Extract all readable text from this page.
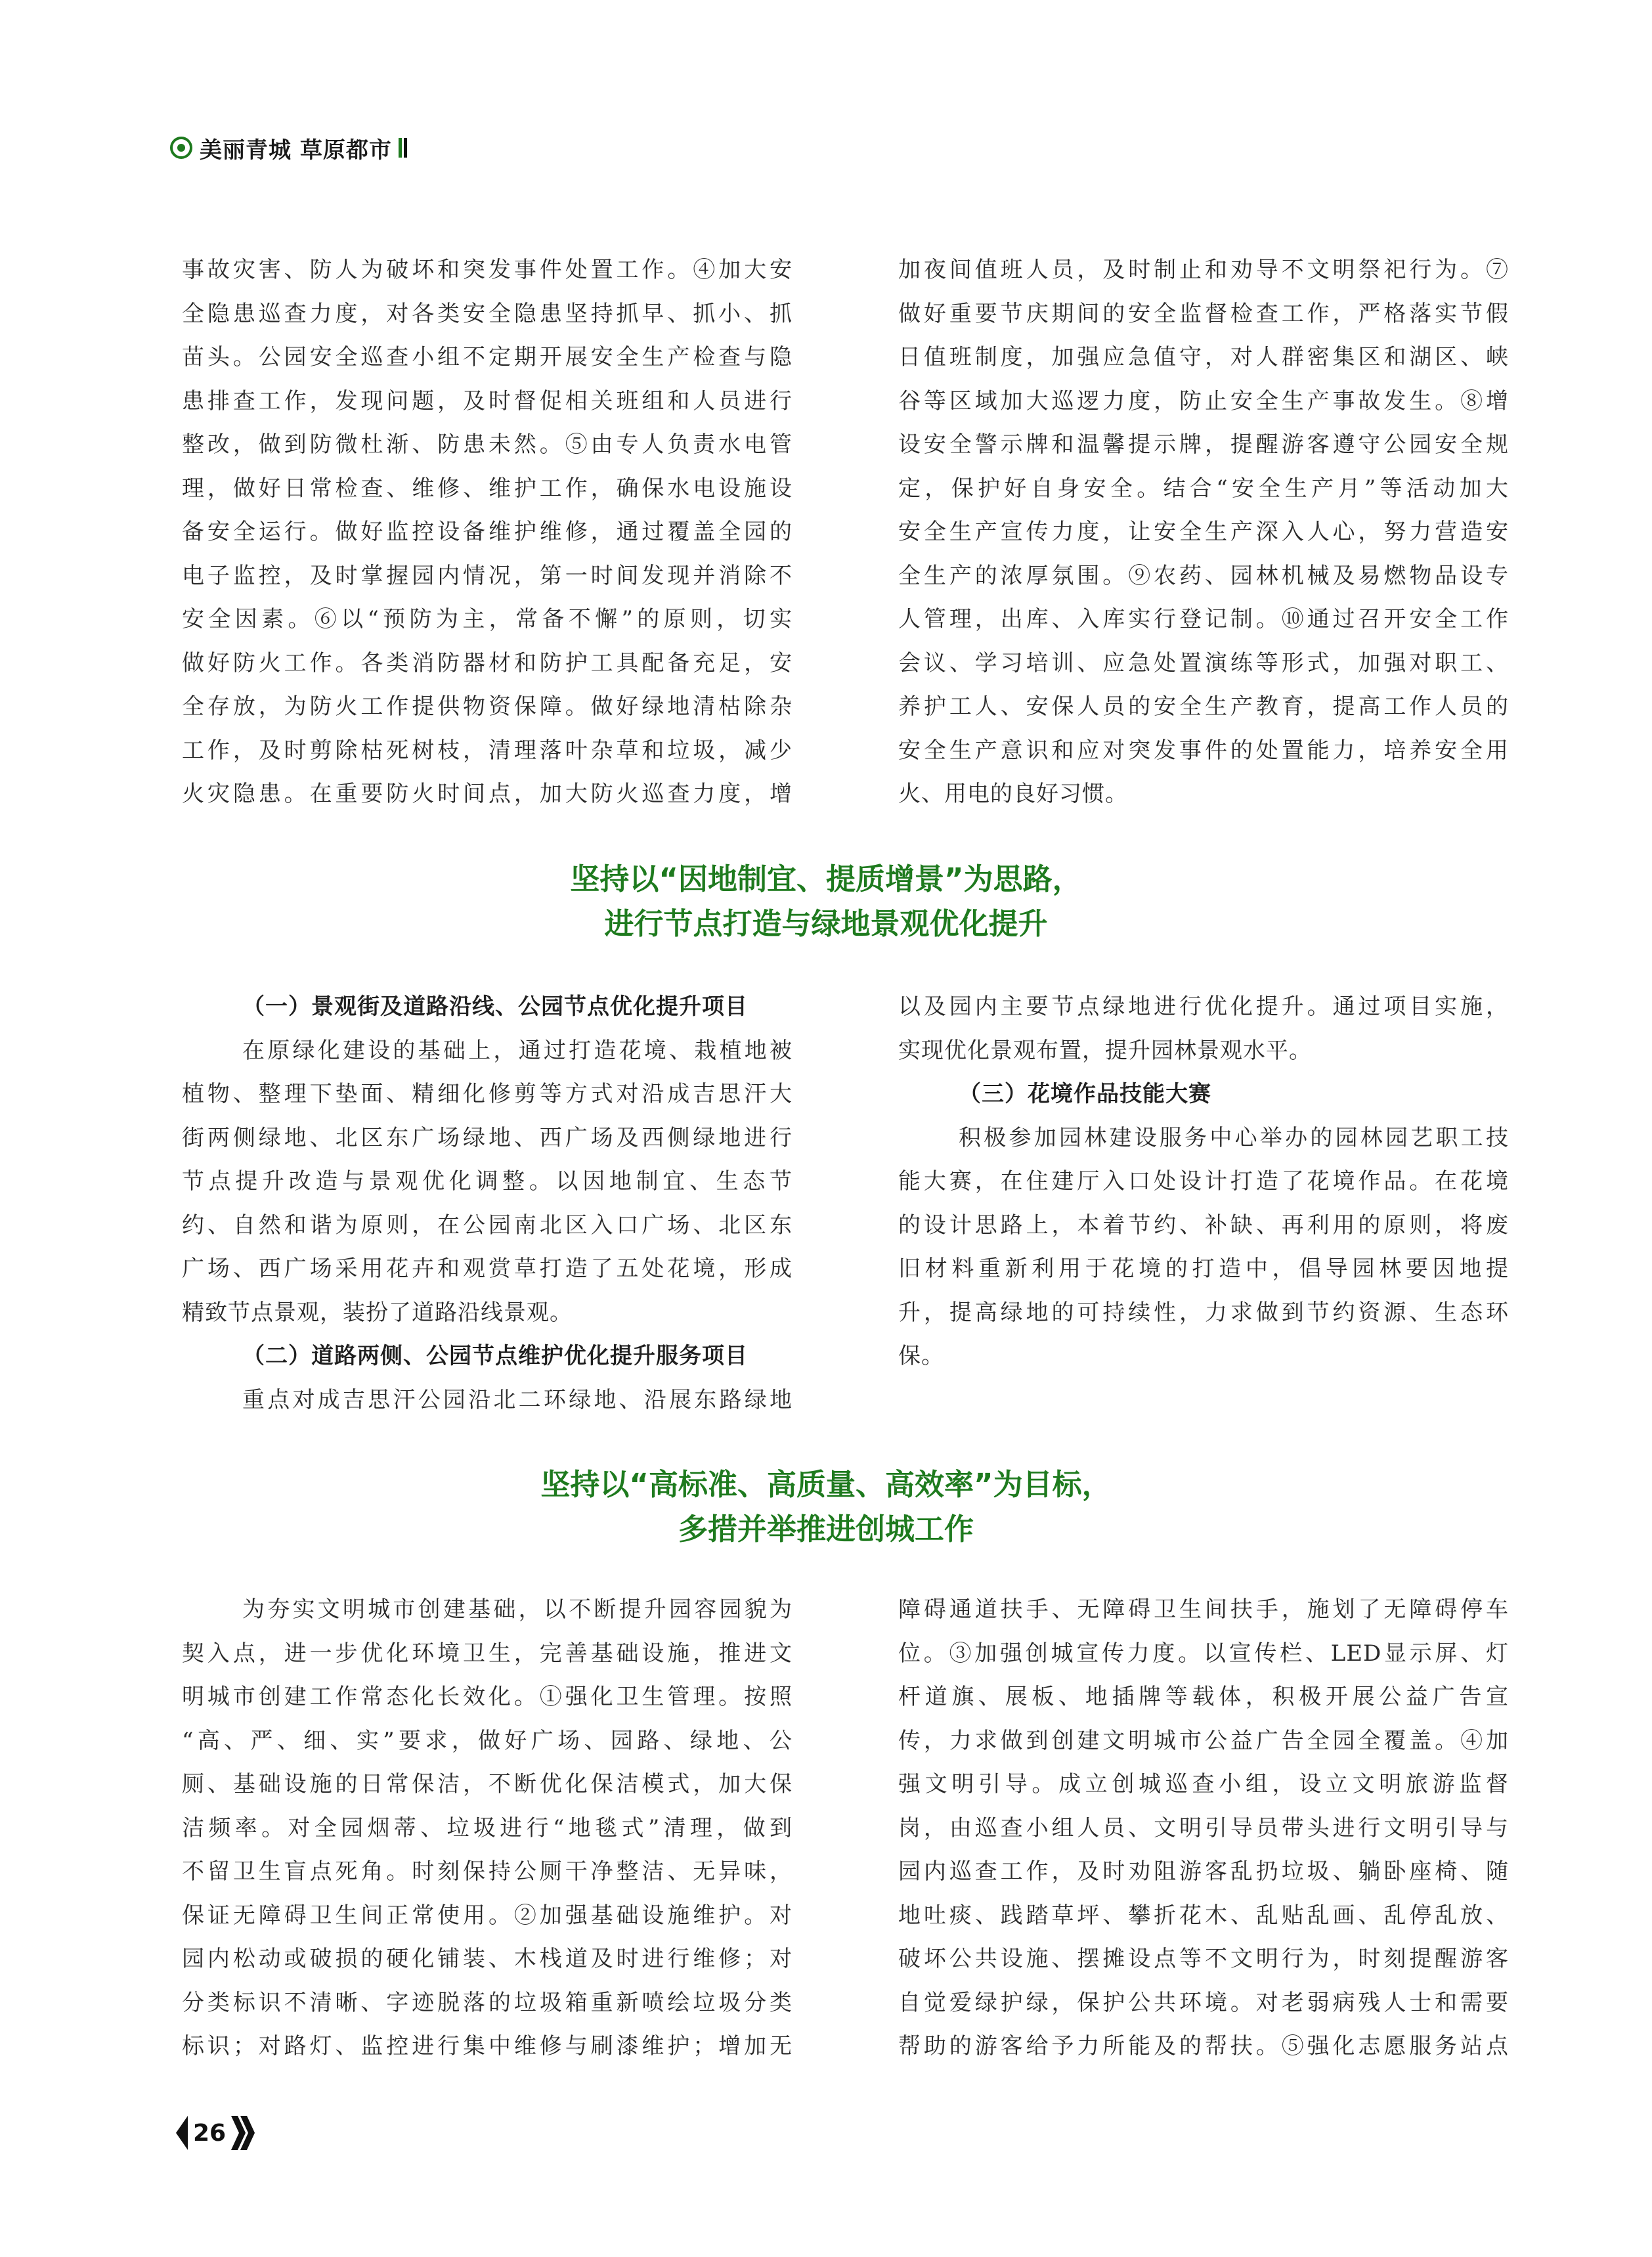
美丽青城 草原都市

事故灾害、防人为破坏和突发事件处置工作。④加大安

全隐患巡查力度，对各类安全隐患坚持抓早、抓小、抓

苗头。公园安全巡查小组不定期开展安全生产检查与隐

患排查工作，发现问题，及时督促相关班组和人员进行

整改，做到防微杜渐、防患未然。⑤由专人负责水电管

理，做好日常检查、维修、维护工作，确保水电设施设

备安全运行。做好监控设备维护维修，通过覆盖全园的

电子监控，及时掌握园内情况，第一时间发现并消除不

安全因素。⑥以“预防为主，常备不懈”的原则，切实

做好防火工作。各类消防器材和防护工具配备充足，安

全存放，为防火工作提供物资保障。做好绿地清枯除杂

工作，及时剪除枯死树枝，清理落叶杂草和垃圾，减少

火灾隐患。在重要防火时间点，加大防火巡查力度，增

加夜间值班人员，及时制止和劝导不文明祭祀行为。⑦

做好重要节庆期间的安全监督检查工作，严格落实节假

日值班制度，加强应急值守，对人群密集区和湖区、峡

谷等区域加大巡逻力度，防止安全生产事故发生。⑧增

设安全警示牌和温馨提示牌，提醒游客遵守公园安全规

定，保护好自身安全。结合“安全生产月”等活动加大

安全生产宣传力度，让安全生产深入人心，努力营造安

全生产的浓厚氛围。⑨农药、园林机械及易燃物品设专

人管理，出库、入库实行登记制。⑩通过召开安全工作

会议、学习培训、应急处置演练等形式，加强对职工、

养护工人、安保人员的安全生产教育，提高工作人员的

安全生产意识和应对突发事件的处置能力，培养安全用

火、用电的良好习惯。

坚持以“因地制宜、提质增景”为思路，
进行节点打造与绿地景观优化提升

（一）景观街及道路沿线、公园节点优化提升项目

在原绿化建设的基础上，通过打造花境、栽植地被

植物、整理下垫面、精细化修剪等方式对沿成吉思汗大

街两侧绿地、北区东广场绿地、西广场及西侧绿地进行

节点提升改造与景观优化调整。以因地制宜、生态节

约、自然和谐为原则，在公园南北区入口广场、北区东

广场、西广场采用花卉和观赏草打造了五处花境，形成

精致节点景观，装扮了道路沿线景观。

（二）道路两侧、公园节点维护优化提升服务项目

重点对成吉思汗公园沿北二环绿地、沿展东路绿地

以及园内主要节点绿地进行优化提升。通过项目实施，

实现优化景观布置，提升园林景观水平。

（三）花境作品技能大赛

积极参加园林建设服务中心举办的园林园艺职工技

能大赛，在住建厅入口处设计打造了花境作品。在花境

的设计思路上，本着节约、补缺、再利用的原则，将废

旧材料重新利用于花境的打造中，倡导园林要因地提

升，提高绿地的可持续性，力求做到节约资源、生态环

保。

坚持以“高标准、高质量、高效率”为目标，
多措并举推进创城工作

为夯实文明城市创建基础，以不断提升园容园貌为

契入点，进一步优化环境卫生，完善基础设施，推进文

明城市创建工作常态化长效化。①强化卫生管理。按照

“高、严、细、实”要求，做好广场、园路、绿地、公

厕、基础设施的日常保洁，不断优化保洁模式，加大保

洁频率。对全园烟蒂、垃圾进行“地毯式”清理，做到

不留卫生盲点死角。时刻保持公厕干净整洁、无异味，

保证无障碍卫生间正常使用。②加强基础设施维护。对

园内松动或破损的硬化铺装、木栈道及时进行维修；对

分类标识不清晰、字迹脱落的垃圾箱重新喷绘垃圾分类

标识；对路灯、监控进行集中维修与刷漆维护；增加无

障碍通道扶手、无障碍卫生间扶手，施划了无障碍停车

位。③加强创城宣传力度。以宣传栏、LED显示屏、灯

杆道旗、展板、地插牌等载体，积极开展公益广告宣

传，力求做到创建文明城市公益广告全园全覆盖。④加

强文明引导。成立创城巡查小组，设立文明旅游监督

岗，由巡查小组人员、文明引导员带头进行文明引导与

园内巡查工作，及时劝阻游客乱扔垃圾、躺卧座椅、随

地吐痰、践踏草坪、攀折花木、乱贴乱画、乱停乱放、

破坏公共设施、摆摊设点等不文明行为，时刻提醒游客

自觉爱绿护绿，保护公共环境。对老弱病残人士和需要

帮助的游客给予力所能及的帮扶。⑤强化志愿服务站点

26
